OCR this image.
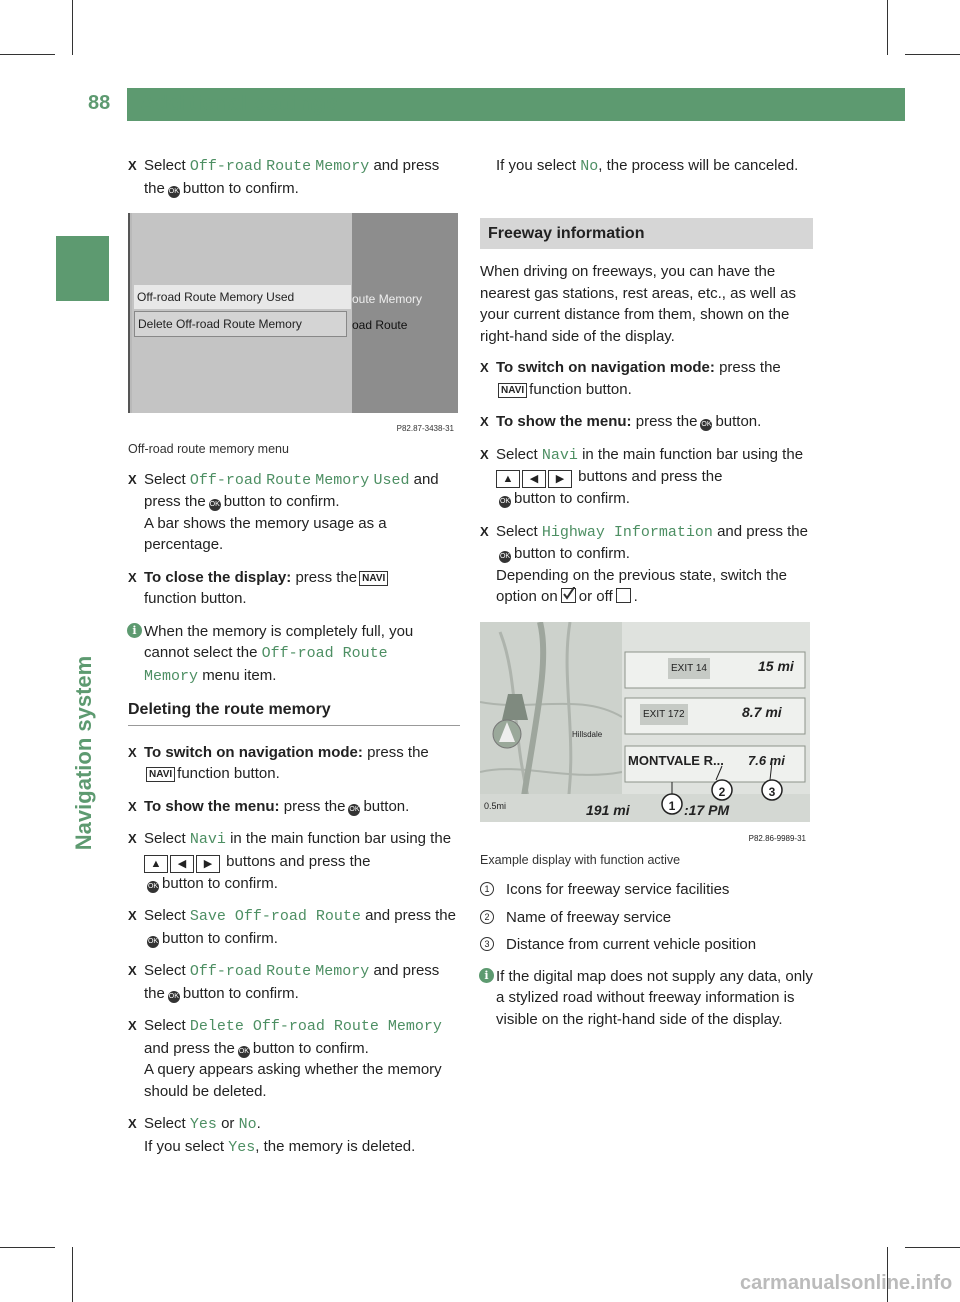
88 Additional settings
Navigation system
X Select Off-road Route Memory and press the OK button to confirm.
Off-road Route Memory Used
Delete Off-road Route Memory
oute Memory
oad Route
P82.87-3438-31
Off-road route memory menu
X Select Off-road Route Memory Used and press the OK button to confirm.
A bar shows the memory usage as a percentage.
X To close the display: press the NAVI
function button.
i When the memory is completely full, you cannot select the Off-road Route
Memory menu item.
Deleting the route memory
X To switch on navigation mode: press the
NAVI function button.
X To show the menu: press the OK button.
X Select Navi in the main function bar using the ▲ ◀ ▶ buttons and press the
OK button to confirm.
X Select Save Off-road Route and press theOK button to confirm.
X Select Off-road Route Memory and press the OK button to confirm.
X Select Delete Off-road Route Memory
and press the OK button to confirm.
A query appears asking whether the memory should be deleted.
X Select Yes or No.
If you select Yes, the memory is deleted.
If you select No, the process will be canceled.
Freeway information
When driving on freeways, you can have the nearest gas stations, rest areas, etc., as well as your current distance from them, shown on the right-hand side of the display.
X To switch on navigation mode: press the
NAVI function button.
X To show the menu: press the OK button.
X Select Navi in the main function bar using the ▲ ◀ ▶ buttons and press the
OK button to confirm.
X Select Highway Information and press the
OK button to confirm.
Depending on the previous state, switch the option on or off .
EXIT 14	15 mi
EXIT 172	8.7 mi
MONTVALE R... 7.6 mi
Hillsdale
0.5mi	191 mi	:17 PM
1
2	3
P82.86-9989-31
Example display with function active
1	Icons for freeway service facilities
2	Name of freeway service
3	Distance from current vehicle position
i If the digital map does not supply any data, only a stylized road without freeway information is visible on the right-hand side of the display.
carmanualsonline.info
